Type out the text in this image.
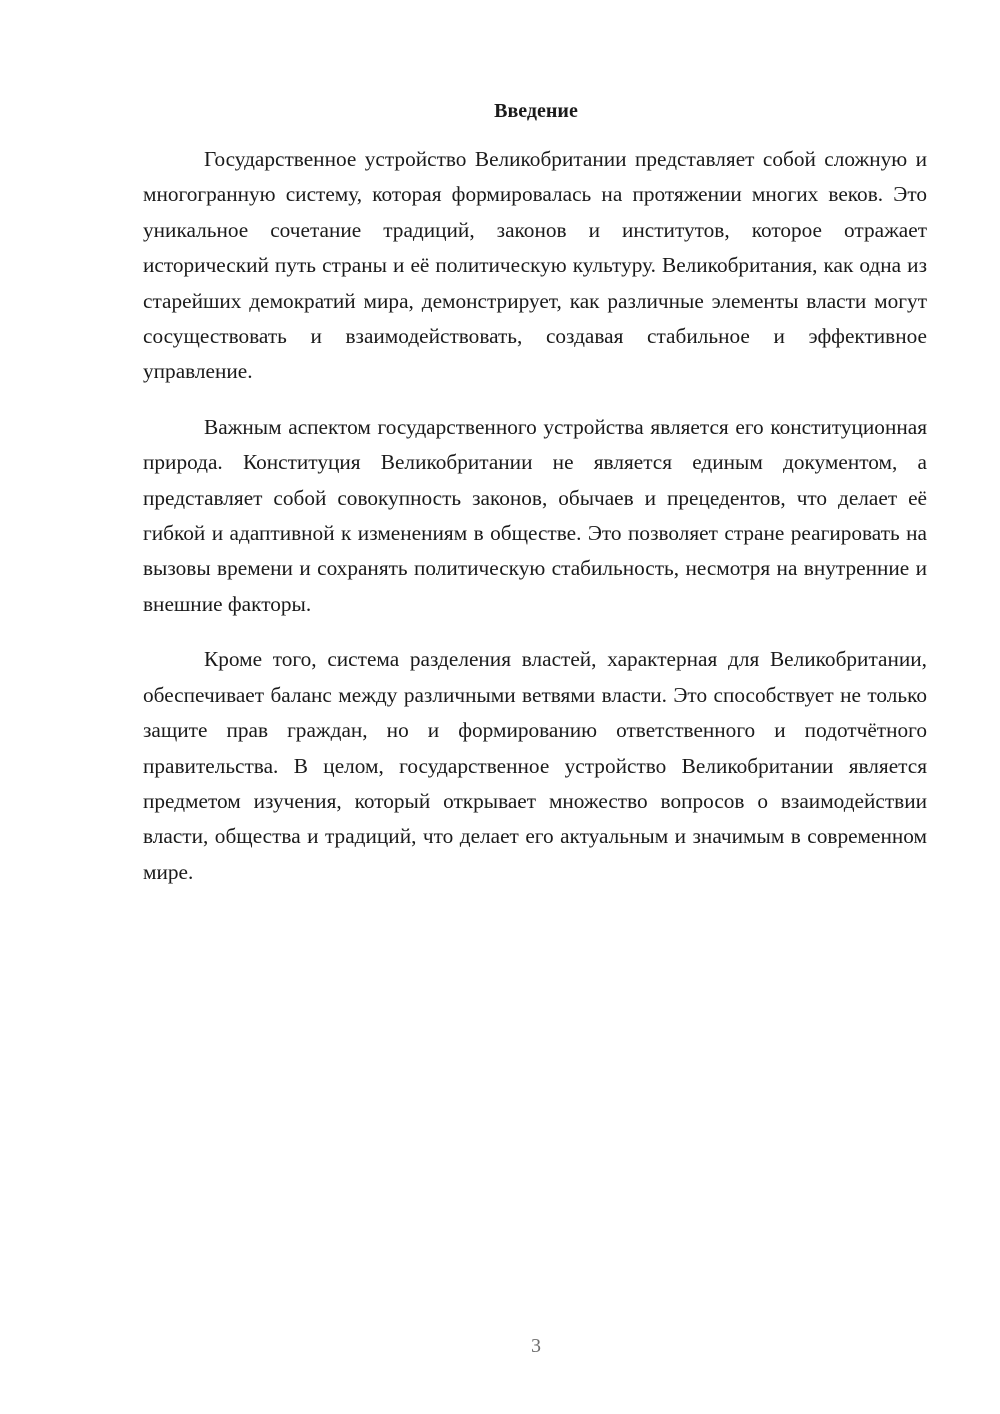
Введение

Государственное устройство Великобритании представляет собой сложную и многогранную систему, которая формировалась на протяжении многих веков. Это уникальное сочетание традиций, законов и институтов, которое отражает исторический путь страны и её политическую культуру. Великобритания, как одна из старейших демократий мира, демонстрирует, как различные элементы власти могут сосуществовать и взаимодействовать, создавая стабильное и эффективное управление.

Важным аспектом государственного устройства является его конституционная природа. Конституция Великобритании не является единым документом, а представляет собой совокупность законов, обычаев и прецедентов, что делает её гибкой и адаптивной к изменениям в обществе. Это позволяет стране реагировать на вызовы времени и сохранять политическую стабильность, несмотря на внутренние и внешние факторы.

Кроме того, система разделения властей, характерная для Великобритании, обеспечивает баланс между различными ветвями власти. Это способствует не только защите прав граждан, но и формированию ответственного и подотчётного правительства. В целом, государственное устройство Великобритании является предметом изучения, который открывает множество вопросов о взаимодействии власти, общества и традиций, что делает его актуальным и значимым в современном мире.

3
